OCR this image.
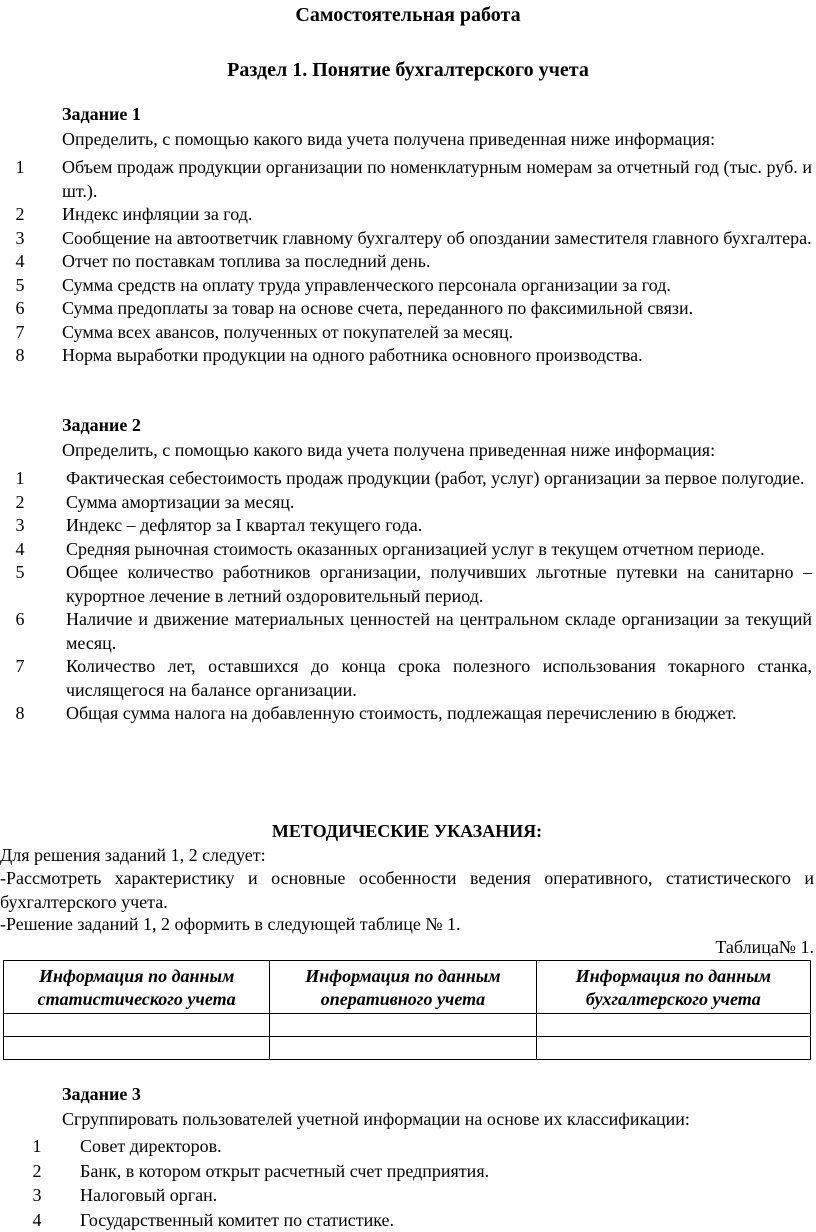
Самостоятельная работа
Раздел 1. Понятие бухгалтерского учета
Задание 1
Определить, с помощью какого вида учета получена приведенная ниже информация:
1	Объем продаж продукции организации по номенклатурным номерам за отчетный год (тыс. руб. и шт.).
2	Индекс инфляции за год.
3	Сообщение на автоответчик главному бухгалтеру об опоздании заместителя главного бухгалтера.
4	Отчет по поставкам топлива за последний день.
5	Сумма средств на оплату труда управленческого персонала организации за год.
6	Сумма предоплаты за товар на основе счета, переданного по факсимильной связи.
7	Сумма всех авансов, полученных от покупателей за месяц.
8	Норма выработки продукции на одного работника основного производства.
Задание 2
Определить, с помощью какого вида учета получена приведенная ниже информация:
1	Фактическая себестоимость продаж продукции (работ, услуг) организации за первое полугодие.
2	Сумма амортизации за месяц.
3	Индекс – дефлятор за I квартал текущего года.
4	Средняя рыночная стоимость оказанных организацией услуг в текущем отчетном периоде.
5	Общее количество работников организации, получивших льготные путевки на санитарно – курортное лечение в летний оздоровительный период.
6	Наличие и движение материальных ценностей на центральном складе организации за текущий месяц.
7	Количество лет, оставшихся до конца срока полезного использования токарного станка, числящегося на балансе организации.
8	Общая сумма налога на добавленную стоимость, подлежащая перечислению в бюджет.
МЕТОДИЧЕСКИЕ УКАЗАНИЯ:
Для решения заданий 1, 2 следует:
-Рассмотреть характеристику и основные особенности ведения оперативного, статистического и бухгалтерского учета.
-Решение заданий 1, 2 оформить в следующей таблице № 1.
Таблица№ 1.
Информация по данным статистического учета	Информация по данным оперативного учета	Информация по данным бухгалтерского учета

Задание 3
Сгруппировать пользователей учетной информации на основе их классификации:
1	Совет директоров.
2	Банк, в котором открыт расчетный счет предприятия.
3	Налоговый орган.
4	Государственный комитет по статистике.
